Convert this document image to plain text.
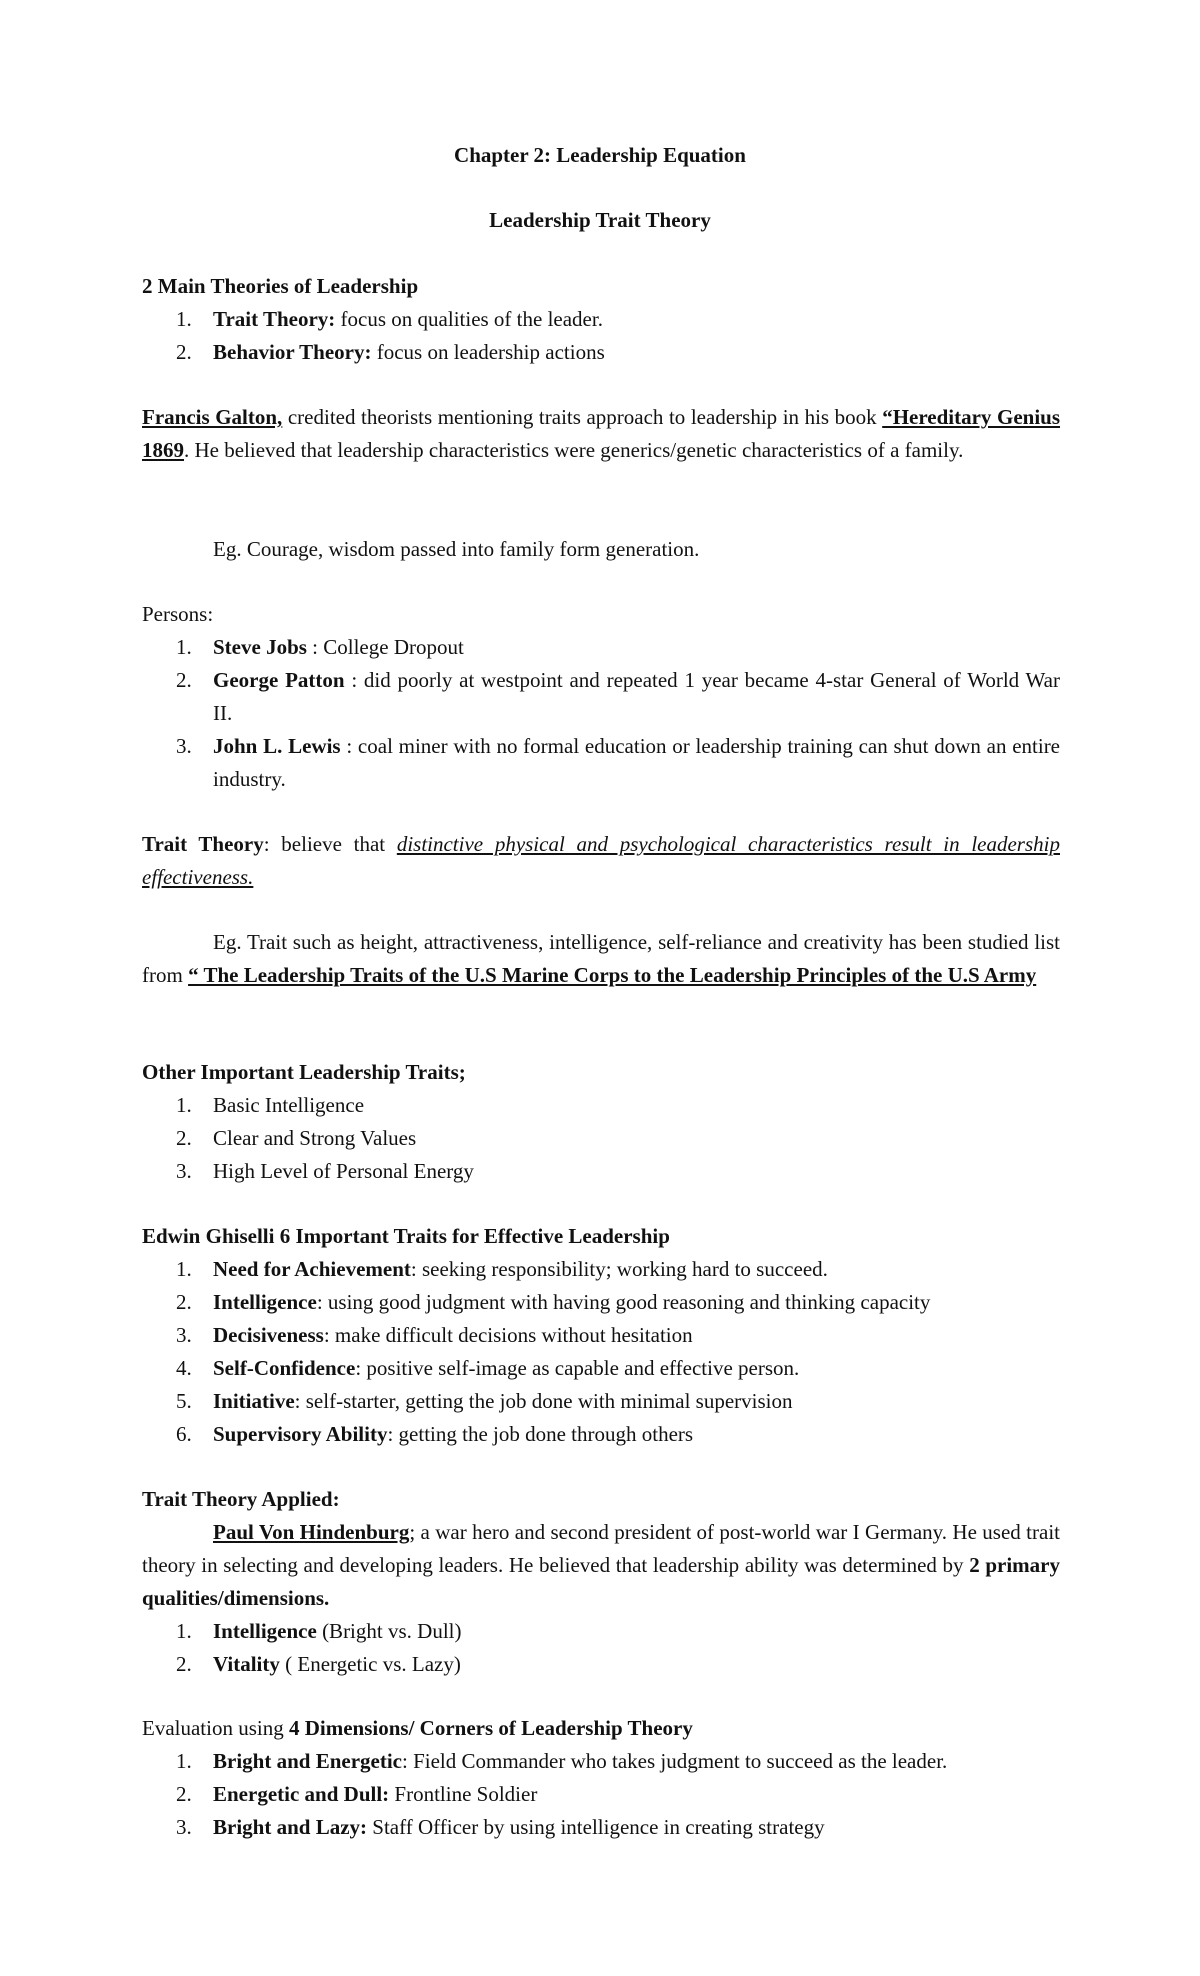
Chapter 2: Leadership Equation
Leadership Trait Theory
2 Main Theories of Leadership
1. Trait Theory: focus on qualities of the leader.
2. Behavior Theory: focus on leadership actions
Francis Galton, credited theorists mentioning traits approach to leadership in his book “Hereditary Genius 1869. He believed that leadership characteristics were generics/genetic characteristics of a family.
Eg. Courage, wisdom passed into family form generation.
Persons:
1. Steve Jobs : College Dropout
2. George Patton : did poorly at westpoint and repeated 1 year became 4-star General of World War II.
3. John L. Lewis : coal miner with no formal education or leadership training can shut down an entire industry.
Trait Theory: believe that distinctive physical and psychological characteristics result in leadership effectiveness.
Eg. Trait such as height, attractiveness, intelligence, self-reliance and creativity has been studied list from “ The Leadership Traits of the U.S Marine Corps to the Leadership Principles of the U.S Army
Other Important Leadership Traits;
1. Basic Intelligence
2. Clear and Strong Values
3. High Level of Personal Energy
Edwin Ghiselli 6 Important Traits for Effective Leadership
1. Need for Achievement: seeking responsibility; working hard to succeed.
2. Intelligence: using good judgment with having good reasoning and thinking capacity
3. Decisiveness: make difficult decisions without hesitation
4. Self-Confidence: positive self-image as capable and effective person.
5. Initiative: self-starter, getting the job done with minimal supervision
6. Supervisory Ability: getting the job done through others
Trait Theory Applied:
Paul Von Hindenburg; a war hero and second president of post-world war I Germany. He used trait theory in selecting and developing leaders. He believed that leadership ability was determined by 2 primary qualities/dimensions.
1. Intelligence (Bright vs. Dull)
2. Vitality ( Energetic vs. Lazy)
Evaluation using 4 Dimensions/ Corners of Leadership Theory
1. Bright and Energetic: Field Commander who takes judgment to succeed as the leader.
2. Energetic and Dull: Frontline Soldier
3. Bright and Lazy: Staff Officer by using intelligence in creating strategy
